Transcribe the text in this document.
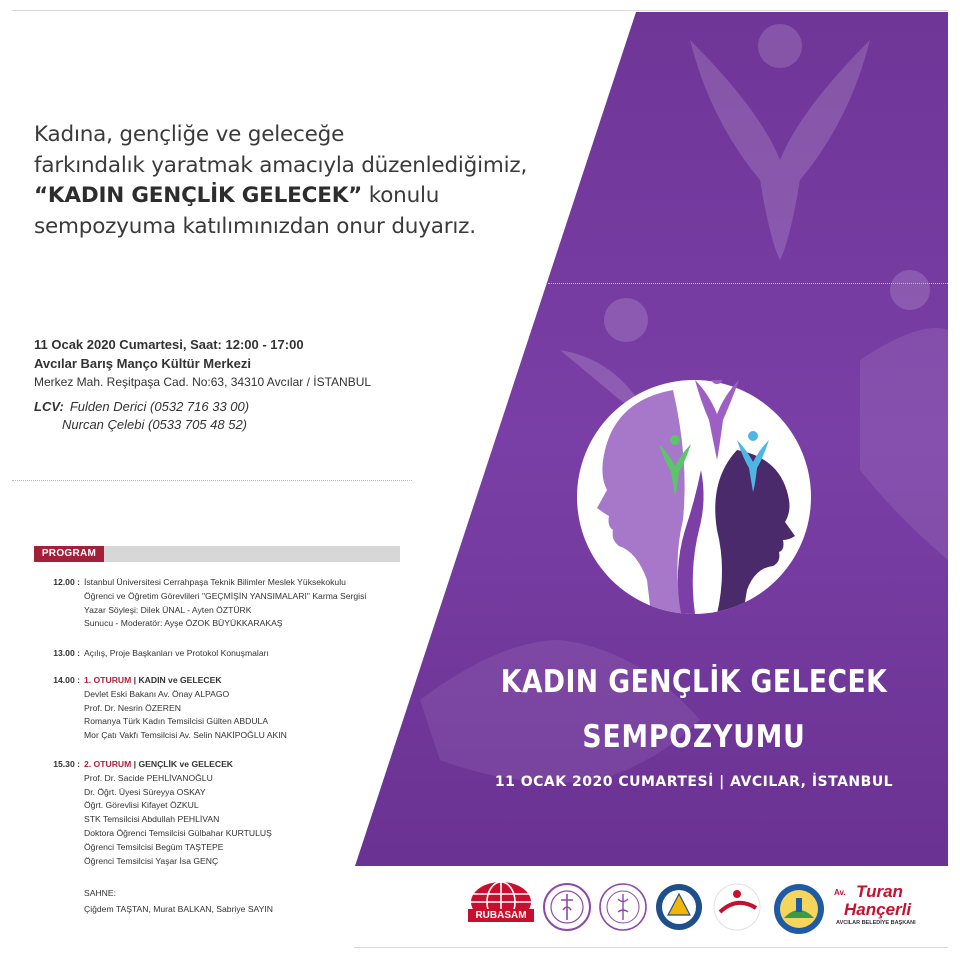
KADIN GENÇLİK GELECEK
SEMPOZYUMU
11 OCAK 2020 CUMARTESİ | AVCILAR, İSTANBUL
Kadına, gençliğe ve geleceğe
farkındalık yaratmak amacıyla düzenlediğimiz,
“KADIN GENÇLİK GELECEK” konulu
sempozyuma katılımınızdan onur duyarız.
11 Ocak 2020 Cumartesi, Saat: 12:00 - 17:00
Avcılar Barış Manço Kültür Merkezi
Merkez Mah. Reşitpaşa Cad. No:63, 34310 Avcılar / İSTANBUL
LCV: Fulden Derici (0532 716 33 00)
Nurcan Çelebi (0533 705 48 52)
PROGRAM
12.00 : İstanbul Üniversitesi Cerrahpaşa Teknik Bilimler Meslek Yüksekokulu
Öğrenci ve Öğretim Görevlileri "GEÇMİŞİN YANSIMALARI" Karma Sergisi
Yazar Söyleşi: Dilek ÜNAL - Ayten ÖZTÜRK
Sunucu - Moderatör: Ayşe ÖZOK BÜYÜKKARAKAŞ
13.00 : Açılış, Proje Başkanları ve Protokol Konuşmaları
14.00 : 1. OTURUM | KADIN ve GELECEK
Devlet Eski Bakanı Av. Önay ALPAGO
Prof. Dr. Nesrin ÖZEREN
Romanya Türk Kadın Temsilcisi Gülten ABDULA
Mor Çatı Vakfı Temsilcisi Av. Selin NAKİPOĞLU AKIN
15.30 : 2. OTURUM | GENÇLİK ve GELECEK
Prof. Dr. Sacide PEHLİVANOĞLU
Dr. Öğrt. Üyesi Süreyya OSKAY
Öğrt. Görevlisi Kifayet ÖZKUL
STK Temsilcisi Abdullah PEHLİVAN
Doktora Öğrenci Temsilcisi Gülbahar KURTULUŞ
Öğrenci Temsilcisi Begüm TAŞTEPE
Öğrenci Temsilcisi Yaşar İsa GENÇ
SAHNE:
Çiğdem TAŞTAN, Murat BALKAN, Sabriye SAYIN
RUBASAM
Av. Turan
Hançerli
AVCILAR BELEDİYE BAŞKANI
